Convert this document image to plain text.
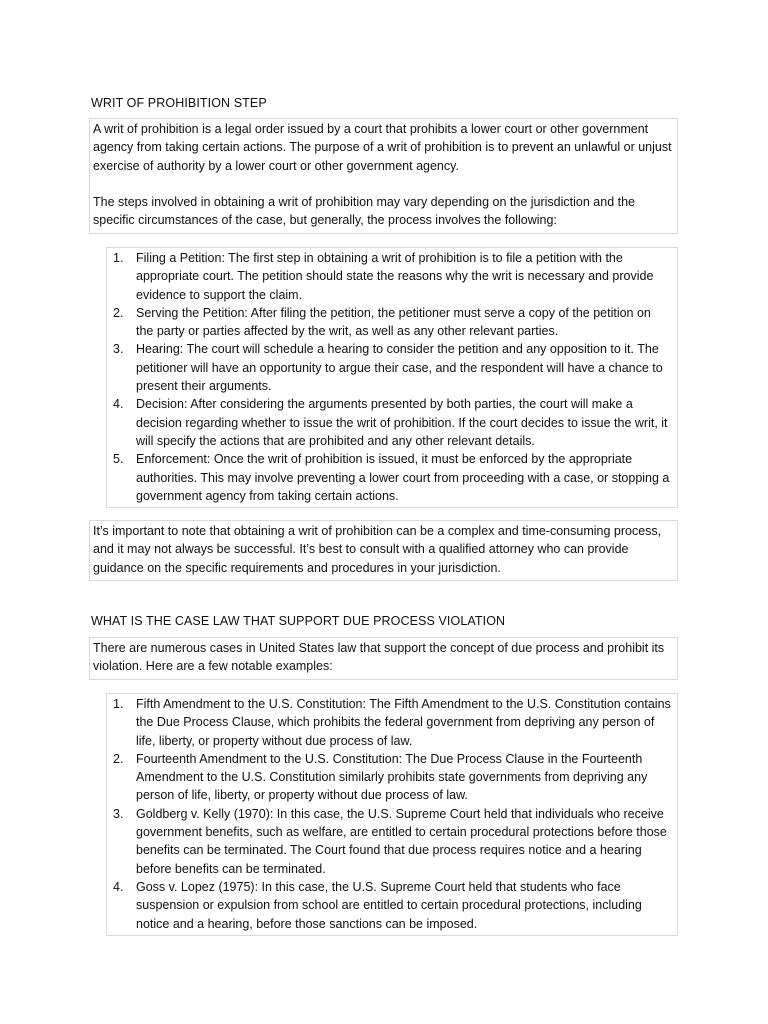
WRIT OF PROHIBITION STEP

A writ of prohibition is a legal order issued by a court that prohibits a lower court or other government agency from taking certain actions. The purpose of a writ of prohibition is to prevent an unlawful or unjust exercise of authority by a lower court or other government agency.

The steps involved in obtaining a writ of prohibition may vary depending on the jurisdiction and the specific circumstances of the case, but generally, the process involves the following:

1. Filing a Petition: The first step in obtaining a writ of prohibition is to file a petition with the appropriate court. The petition should state the reasons why the writ is necessary and provide evidence to support the claim.
2. Serving the Petition: After filing the petition, the petitioner must serve a copy of the petition on the party or parties affected by the writ, as well as any other relevant parties.
3. Hearing: The court will schedule a hearing to consider the petition and any opposition to it. The petitioner will have an opportunity to argue their case, and the respondent will have a chance to present their arguments.
4. Decision: After considering the arguments presented by both parties, the court will make a decision regarding whether to issue the writ of prohibition. If the court decides to issue the writ, it will specify the actions that are prohibited and any other relevant details.
5. Enforcement: Once the writ of prohibition is issued, it must be enforced by the appropriate authorities. This may involve preventing a lower court from proceeding with a case, or stopping a government agency from taking certain actions.

It’s important to note that obtaining a writ of prohibition can be a complex and time-consuming process, and it may not always be successful. It’s best to consult with a qualified attorney who can provide guidance on the specific requirements and procedures in your jurisdiction.

WHAT IS THE CASE LAW THAT SUPPORT DUE PROCESS VIOLATION

There are numerous cases in United States law that support the concept of due process and prohibit its violation. Here are a few notable examples:

1. Fifth Amendment to the U.S. Constitution: The Fifth Amendment to the U.S. Constitution contains the Due Process Clause, which prohibits the federal government from depriving any person of life, liberty, or property without due process of law.
2. Fourteenth Amendment to the U.S. Constitution: The Due Process Clause in the Fourteenth Amendment to the U.S. Constitution similarly prohibits state governments from depriving any person of life, liberty, or property without due process of law.
3. Goldberg v. Kelly (1970): In this case, the U.S. Supreme Court held that individuals who receive government benefits, such as welfare, are entitled to certain procedural protections before those benefits can be terminated. The Court found that due process requires notice and a hearing before benefits can be terminated.
4. Goss v. Lopez (1975): In this case, the U.S. Supreme Court held that students who face suspension or expulsion from school are entitled to certain procedural protections, including notice and a hearing, before those sanctions can be imposed.
